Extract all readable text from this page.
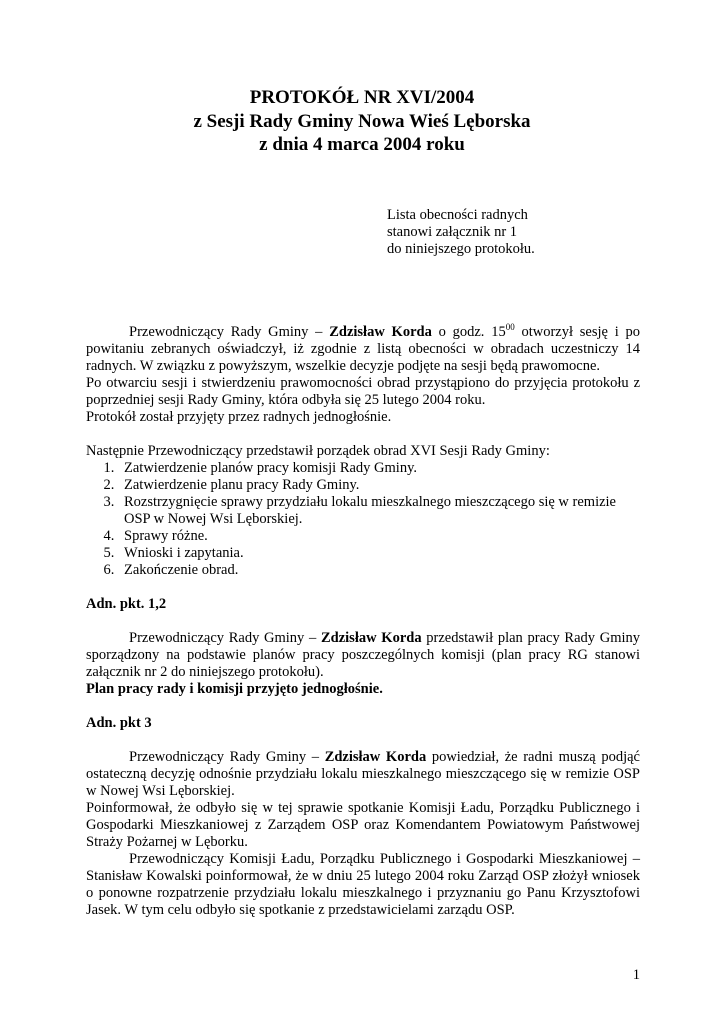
PROTOKÓŁ NR XVI/2004
z Sesji Rady Gminy Nowa Wieś Lęborska
z dnia 4 marca 2004 roku
Lista obecności radnych
stanowi załącznik nr 1
do niniejszego protokołu.

Przewodniczący Rady Gminy – Zdzisław Korda o godz. $15^{00}$ otworzył sesję i po powitaniu zebranych oświadczył, iż zgodnie z listą obecności w obradach uczestniczy 14 radnych. W związku z powyższym, wszelkie decyzje podjęte na sesji będą prawomocne.

Po otwarciu sesji i stwierdzeniu prawomocności obrad przystąpiono do przyjęcia protokołu z poprzedniej sesji Rady Gminy, która odbyła się 25 lutego 2004 roku.

Protokół został przyjęty przez radnych jednogłośnie.

Następnie Przewodniczący przedstawił porządek obrad XVI Sesji Rady Gminy:

1. Zatwierdzenie planów pracy komisji Rady Gminy.
2. Zatwierdzenie planu pracy Rady Gminy.
3. Rozstrzygnięcie sprawy przydziału lokalu mieszkalnego mieszczącego się w remizie OSP w Nowej Wsi Lęborskiej.
4. Sprawy różne.
5. Wnioski i zapytania.
6. Zakończenie obrad.

Adn. pkt. 1,2

Przewodniczący Rady Gminy – Zdzisław Korda przedstawił plan pracy Rady Gminy sporządzony na podstawie planów pracy poszczególnych komisji (plan pracy RG stanowi załącznik nr 2 do niniejszego protokołu).

Plan pracy rady i komisji przyjęto jednogłośnie.

Adn. pkt 3

Przewodniczący Rady Gminy – Zdzisław Korda powiedział, że radni muszą podjąć ostateczną decyzję odnośnie przydziału lokalu mieszkalnego mieszczącego się w remizie OSP w Nowej Wsi Lęborskiej.

Poinformował, że odbyło się w tej sprawie spotkanie Komisji Ładu, Porządku Publicznego i Gospodarki Mieszkaniowej z Zarządem OSP oraz Komendantem Powiatowym Państwowej Straży Pożarnej w Lęborku.

Przewodniczący Komisji Ładu, Porządku Publicznego i Gospodarki Mieszkaniowej – Stanisław Kowalski poinformował, że w dniu 25 lutego 2004 roku Zarząd OSP złożył wniosek o ponowne rozpatrzenie przydziału lokalu mieszkalnego i przyznaniu go Panu Krzysztofowi Jasek. W tym celu odbyło się spotkanie z przedstawicielami zarządu OSP.

1
